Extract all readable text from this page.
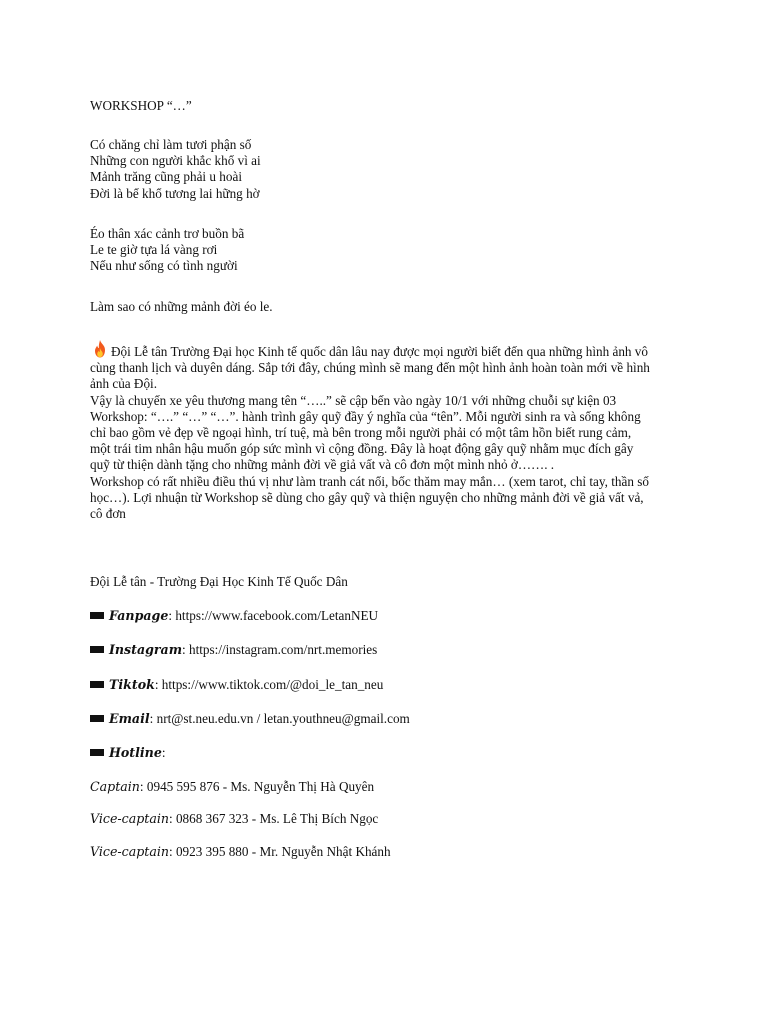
WORKSHOP “…”
Có chăng chỉ làm tươi phận số
Những con người khắc khổ vì ai
Mảnh trăng cũng phải u hoài
Đời là bể khổ tương lai hững hờ
Éo thân xác cảnh trơ buồn bã
Le te giờ tựa lá vàng rơi
Nếu như sống có tình người
Làm sao có những mảnh đời éo le.
Đội Lễ tân Trường Đại học Kinh tế quốc dân lâu nay được mọi người biết đến qua những hình ảnh vô
cùng thanh lịch và duyên dáng. Sắp tới đây, chúng mình sẽ mang đến một hình ảnh hoàn toàn mới về hình
ảnh của Đội.
Vậy là chuyến xe yêu thương mang tên “…..” sẽ cập bến vào ngày 10/1 với những chuỗi sự kiện 03
Workshop: “….” “…” “…”. hành trình gây quỹ đầy ý nghĩa của “tên”. Mỗi người sinh ra và sống không
chỉ bao gồm vẻ đẹp về ngoại hình, trí tuệ, mà bên trong mỗi người phải có một tâm hồn biết rung cảm,
một trái tim nhân hậu muốn góp sức mình vì cộng đồng. Đây là hoạt động gây quỹ nhằm mục đích gây
quỹ từ thiện dành tặng cho những mảnh đời về giả vất và cô đơn một mình nhỏ ở……. .
Workshop có rất nhiều điều thú vị như làm tranh cát nổi, bốc thăm may mắn… (xem tarot, chỉ tay, thần số
học…). Lợi nhuận từ Workshop sẽ dùng cho gây quỹ và thiện nguyện cho những mảnh đời về giả vất vả,
cô đơn
Đội Lễ tân - Trường Đại Học Kinh Tế Quốc Dân
Fanpage: https://www.facebook.com/LetanNEU
Instagram: https://instagram.com/nrt.memories
Tiktok: https://www.tiktok.com/@doi_le_tan_neu
Email: nrt@st.neu.edu.vn / letan.youthneu@gmail.com
Hotline:
Captain: 0945 595 876 - Ms. Nguyễn Thị Hà Quyên
Vice-captain: 0868 367 323 - Ms. Lê Thị Bích Ngọc
Vice-captain: 0923 395 880 - Mr. Nguyễn Nhật Khánh
